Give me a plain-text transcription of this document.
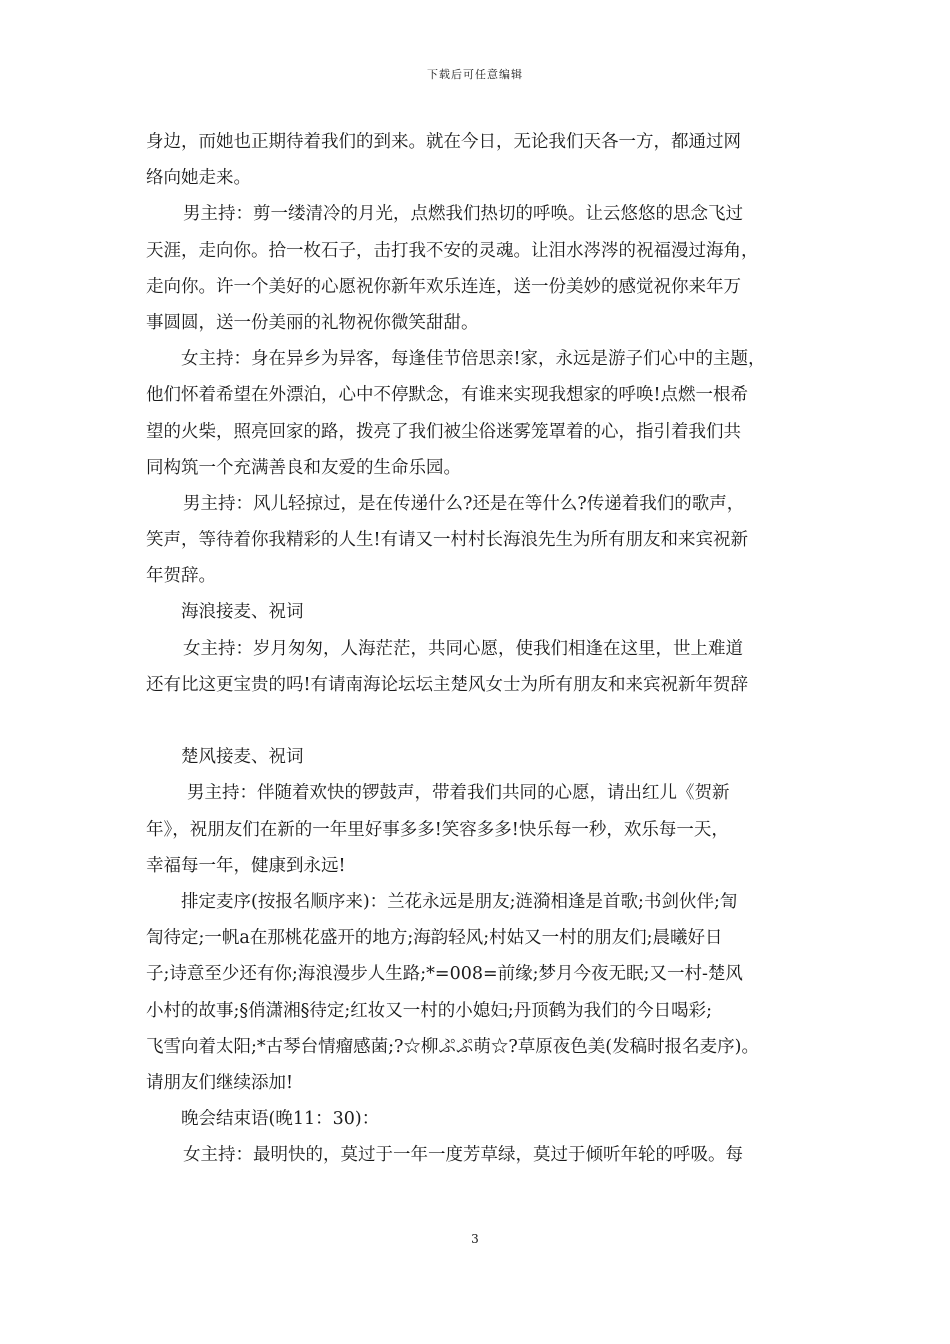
下载后可任意编辑
身边，而她也正期待着我们的到来。就在今日，无论我们天各一方，都通过网
络向她走来。
男主持：剪一缕清冷的月光，点燃我们热切的呼唤。让云悠悠的思念飞过
天涯，走向你。拾一枚石子，击打我不安的灵魂。让泪水涔涔的祝福漫过海角，
走向你。许一个美好的心愿祝你新年欢乐连连，送一份美妙的感觉祝你来年万
事圆圆，送一份美丽的礼物祝你微笑甜甜。
女主持：身在异乡为异客，每逢佳节倍思亲!家，永远是游子们心中的主题，
他们怀着希望在外漂泊，心中不停默念，有谁来实现我想家的呼唤!点燃一根希
望的火柴，照亮回家的路，拨亮了我们被尘俗迷雾笼罩着的心，指引着我们共
同构筑一个充满善良和友爱的生命乐园。
男主持：风儿轻掠过，是在传递什么?还是在等什么?传递着我们的歌声，
笑声，等待着你我精彩的人生!有请又一村村长海浪先生为所有朋友和来宾祝新
年贺辞。
海浪接麦、祝词
女主持：岁月匆匆，人海茫茫，共同心愿，使我们相逢在这里，世上难道
还有比这更宝贵的吗!有请南海论坛坛主楚风女士为所有朋友和来宾祝新年贺辞
楚风接麦、祝词
男主持：伴随着欢快的锣鼓声，带着我们共同的心愿，请出红儿《贺新
年》，祝朋友们在新的一年里好事多多!笑容多多!快乐每一秒，欢乐每一天，
幸福每一年，健康到永远!
排定麦序(按报名顺序来)：兰花永远是朋友;涟漪相逢是首歌;书剑伙伴;訇
訇待定;一帆a在那桃花盛开的地方;海韵轻风;村姑又一村的朋友们;晨曦好日
子;诗意至少还有你;海浪漫步人生路;*=008=前缘;梦月今夜无眠;又一村-楚风
小村的故事;§俏潇湘§待定;红妆又一村的小媳妇;丹顶鹤为我们的今日喝彩;
飞雪向着太阳;*古琴台情瘤感菌;?☆柳ぷぷ萌☆?草原夜色美(发稿时报名麦序)。
请朋友们继续添加!
晚会结束语(晚11：30)：
女主持：最明快的，莫过于一年一度芳草绿，莫过于倾听年轮的呼吸。每
3
